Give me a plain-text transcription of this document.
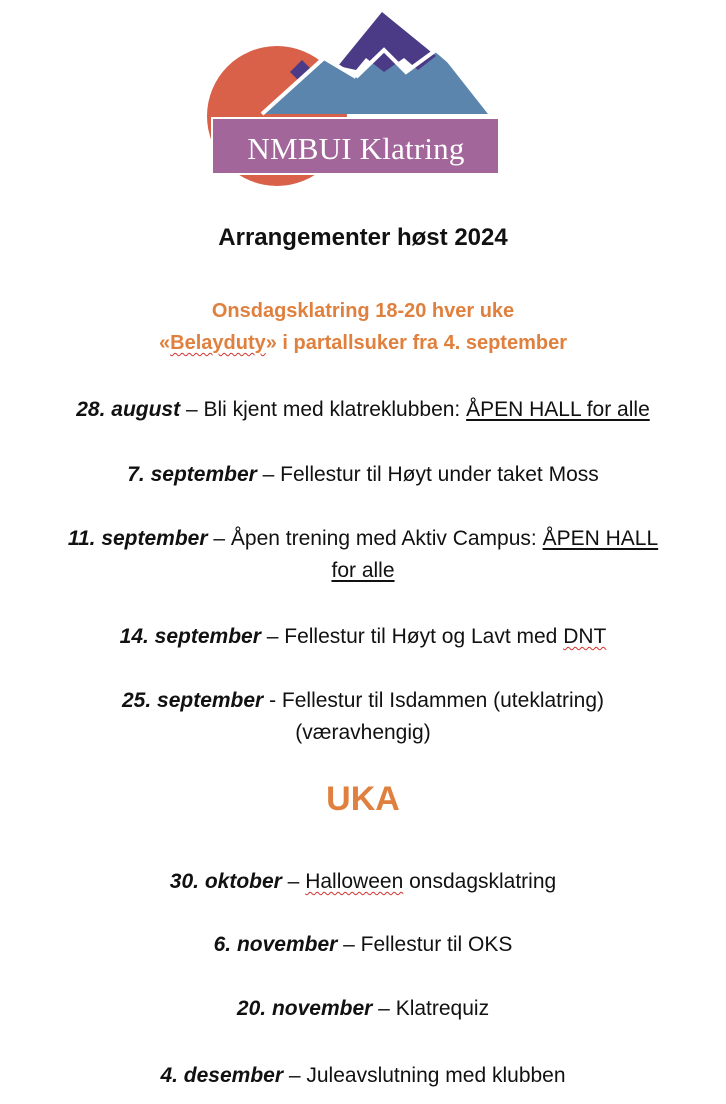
NMBUI Klatring
Arrangementer høst 2024
Onsdagsklatring 18-20 hver uke
«Belayduty» i partallsuker fra 4. september
28. august – Bli kjent med klatreklubben: ÅPEN HALL for alle
7. september – Fellestur til Høyt under taket Moss
11. september – Åpen trening med Aktiv Campus: ÅPEN HALL
for alle
14. september – Fellestur til Høyt og Lavt med DNT
25. september - Fellestur til Isdammen (uteklatring)
(væravhengig)
UKA
30. oktober – Halloween onsdagsklatring
6. november – Fellestur til OKS
20. november – Klatrequiz
4. desember – Juleavslutning med klubben
